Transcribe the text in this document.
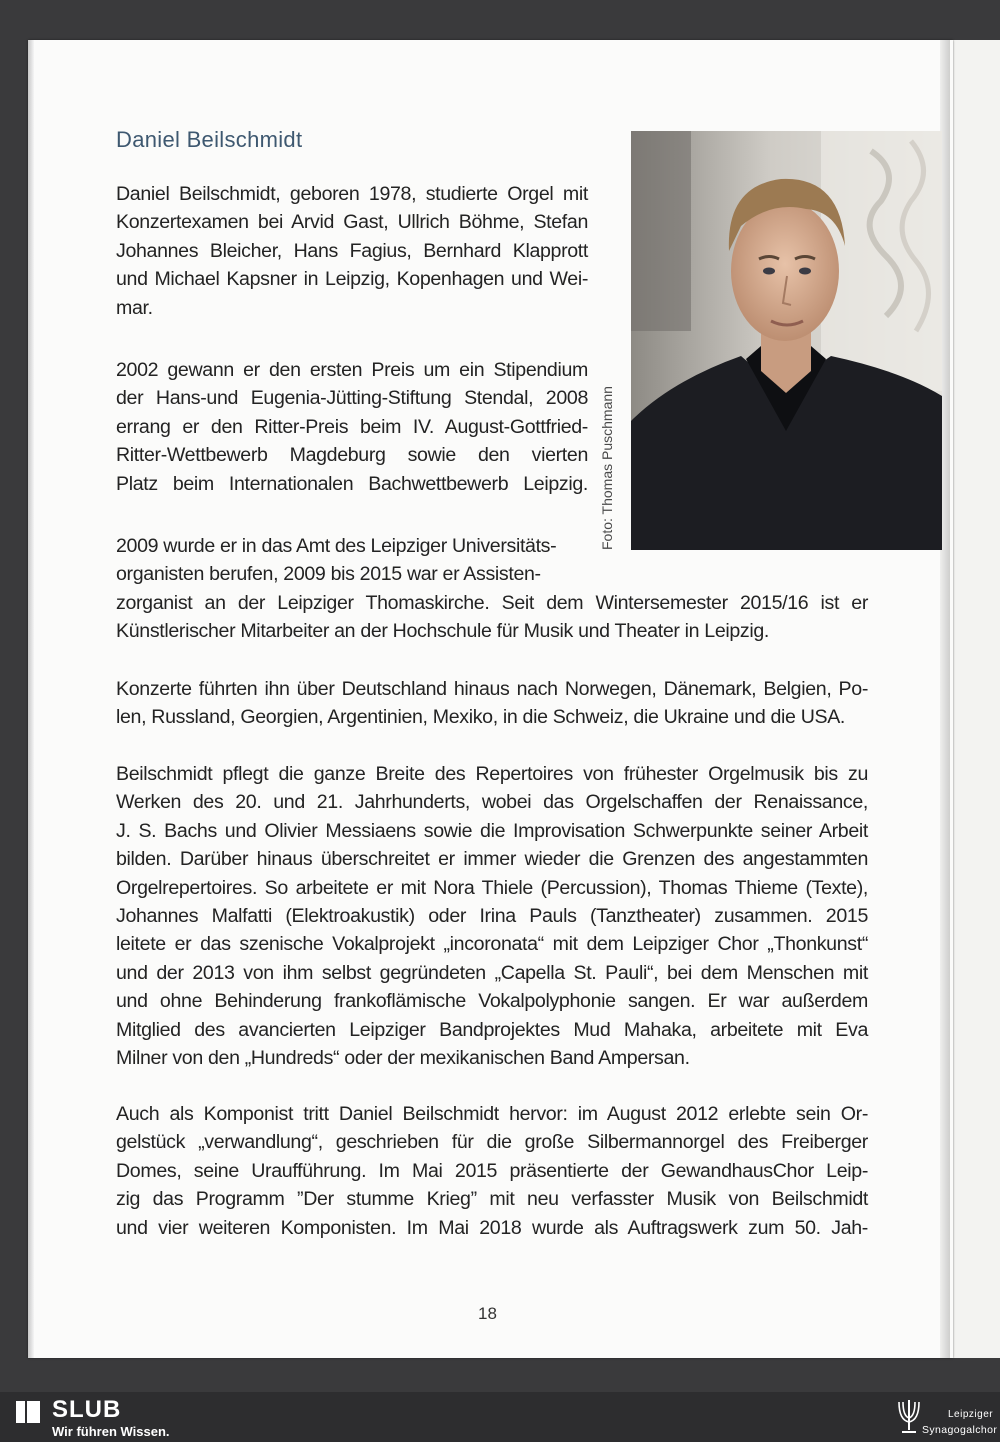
Daniel Beilschmidt
Daniel Beilschmidt, geboren 1978, studierte Orgel mit
Konzertexamen bei Arvid Gast, Ullrich Böhme, Stefan
Johannes Bleicher, Hans Fagius, Bernhard Klapprott
und Michael Kapsner in Leipzig, Kopenhagen und Wei-
mar.
2002 gewann er den ersten Preis um ein Stipendium
der Hans-und Eugenia-Jütting-Stiftung Stendal, 2008
errang er den Ritter-Preis beim IV. August-Gottfried-
Ritter-Wettbewerb Magdeburg sowie den vierten
Platz beim Internationalen Bachwettbewerb Leipzig.
2009 wurde er in das Amt des Leipziger Universitäts-
organisten berufen, 2009 bis 2015 war er Assisten-
zorganist an der Leipziger Thomaskirche. Seit dem Wintersemester 2015/16 ist er
Künstlerischer Mitarbeiter an der Hochschule für Musik und Theater in Leipzig.
Konzerte führten ihn über Deutschland hinaus nach Norwegen, Dänemark, Belgien, Po-
len, Russland, Georgien, Argentinien, Mexiko, in die Schweiz, die Ukraine und die USA.
Beilschmidt pflegt die ganze Breite des Repertoires von frühester Orgelmusik bis zu
Werken des 20. und 21. Jahrhunderts, wobei das Orgelschaffen der Renaissance,
J. S. Bachs und Olivier Messiaens sowie die Improvisation Schwerpunkte seiner Arbeit
bilden. Darüber hinaus überschreitet er immer wieder die Grenzen des angestammten
Orgelrepertoires. So arbeitete er mit Nora Thiele (Percussion), Thomas Thieme (Texte),
Johannes Malfatti (Elektroakustik) oder Irina Pauls (Tanztheater) zusammen. 2015
leitete er das szenische Vokalprojekt „incoronata“ mit dem Leipziger Chor „Thonkunst“
und der 2013 von ihm selbst gegründeten „Capella St. Pauli“, bei dem Menschen mit
und ohne Behinderung frankoflämische Vokalpolyphonie sangen. Er war außerdem
Mitglied des avancierten Leipziger Bandprojektes Mud Mahaka, arbeitete mit Eva
Milner von den „Hundreds“ oder der mexikanischen Band Ampersan.
Auch als Komponist tritt Daniel Beilschmidt hervor: im August 2012 erlebte sein Or-
gelstück „verwandlung“, geschrieben für die große Silbermannorgel des Freiberger
Domes, seine Uraufführung. Im Mai 2015 präsentierte der GewandhausChor Leip-
zig das Programm ”Der stumme Krieg” mit neu verfasster Musik von Beilschmidt
und vier weiteren Komponisten. Im Mai 2018 wurde als Auftragswerk zum 50. Jah-
Foto: Thomas Puschmann
18
SLUB
Wir führen Wissen.
Leipziger
Synagogalchor
